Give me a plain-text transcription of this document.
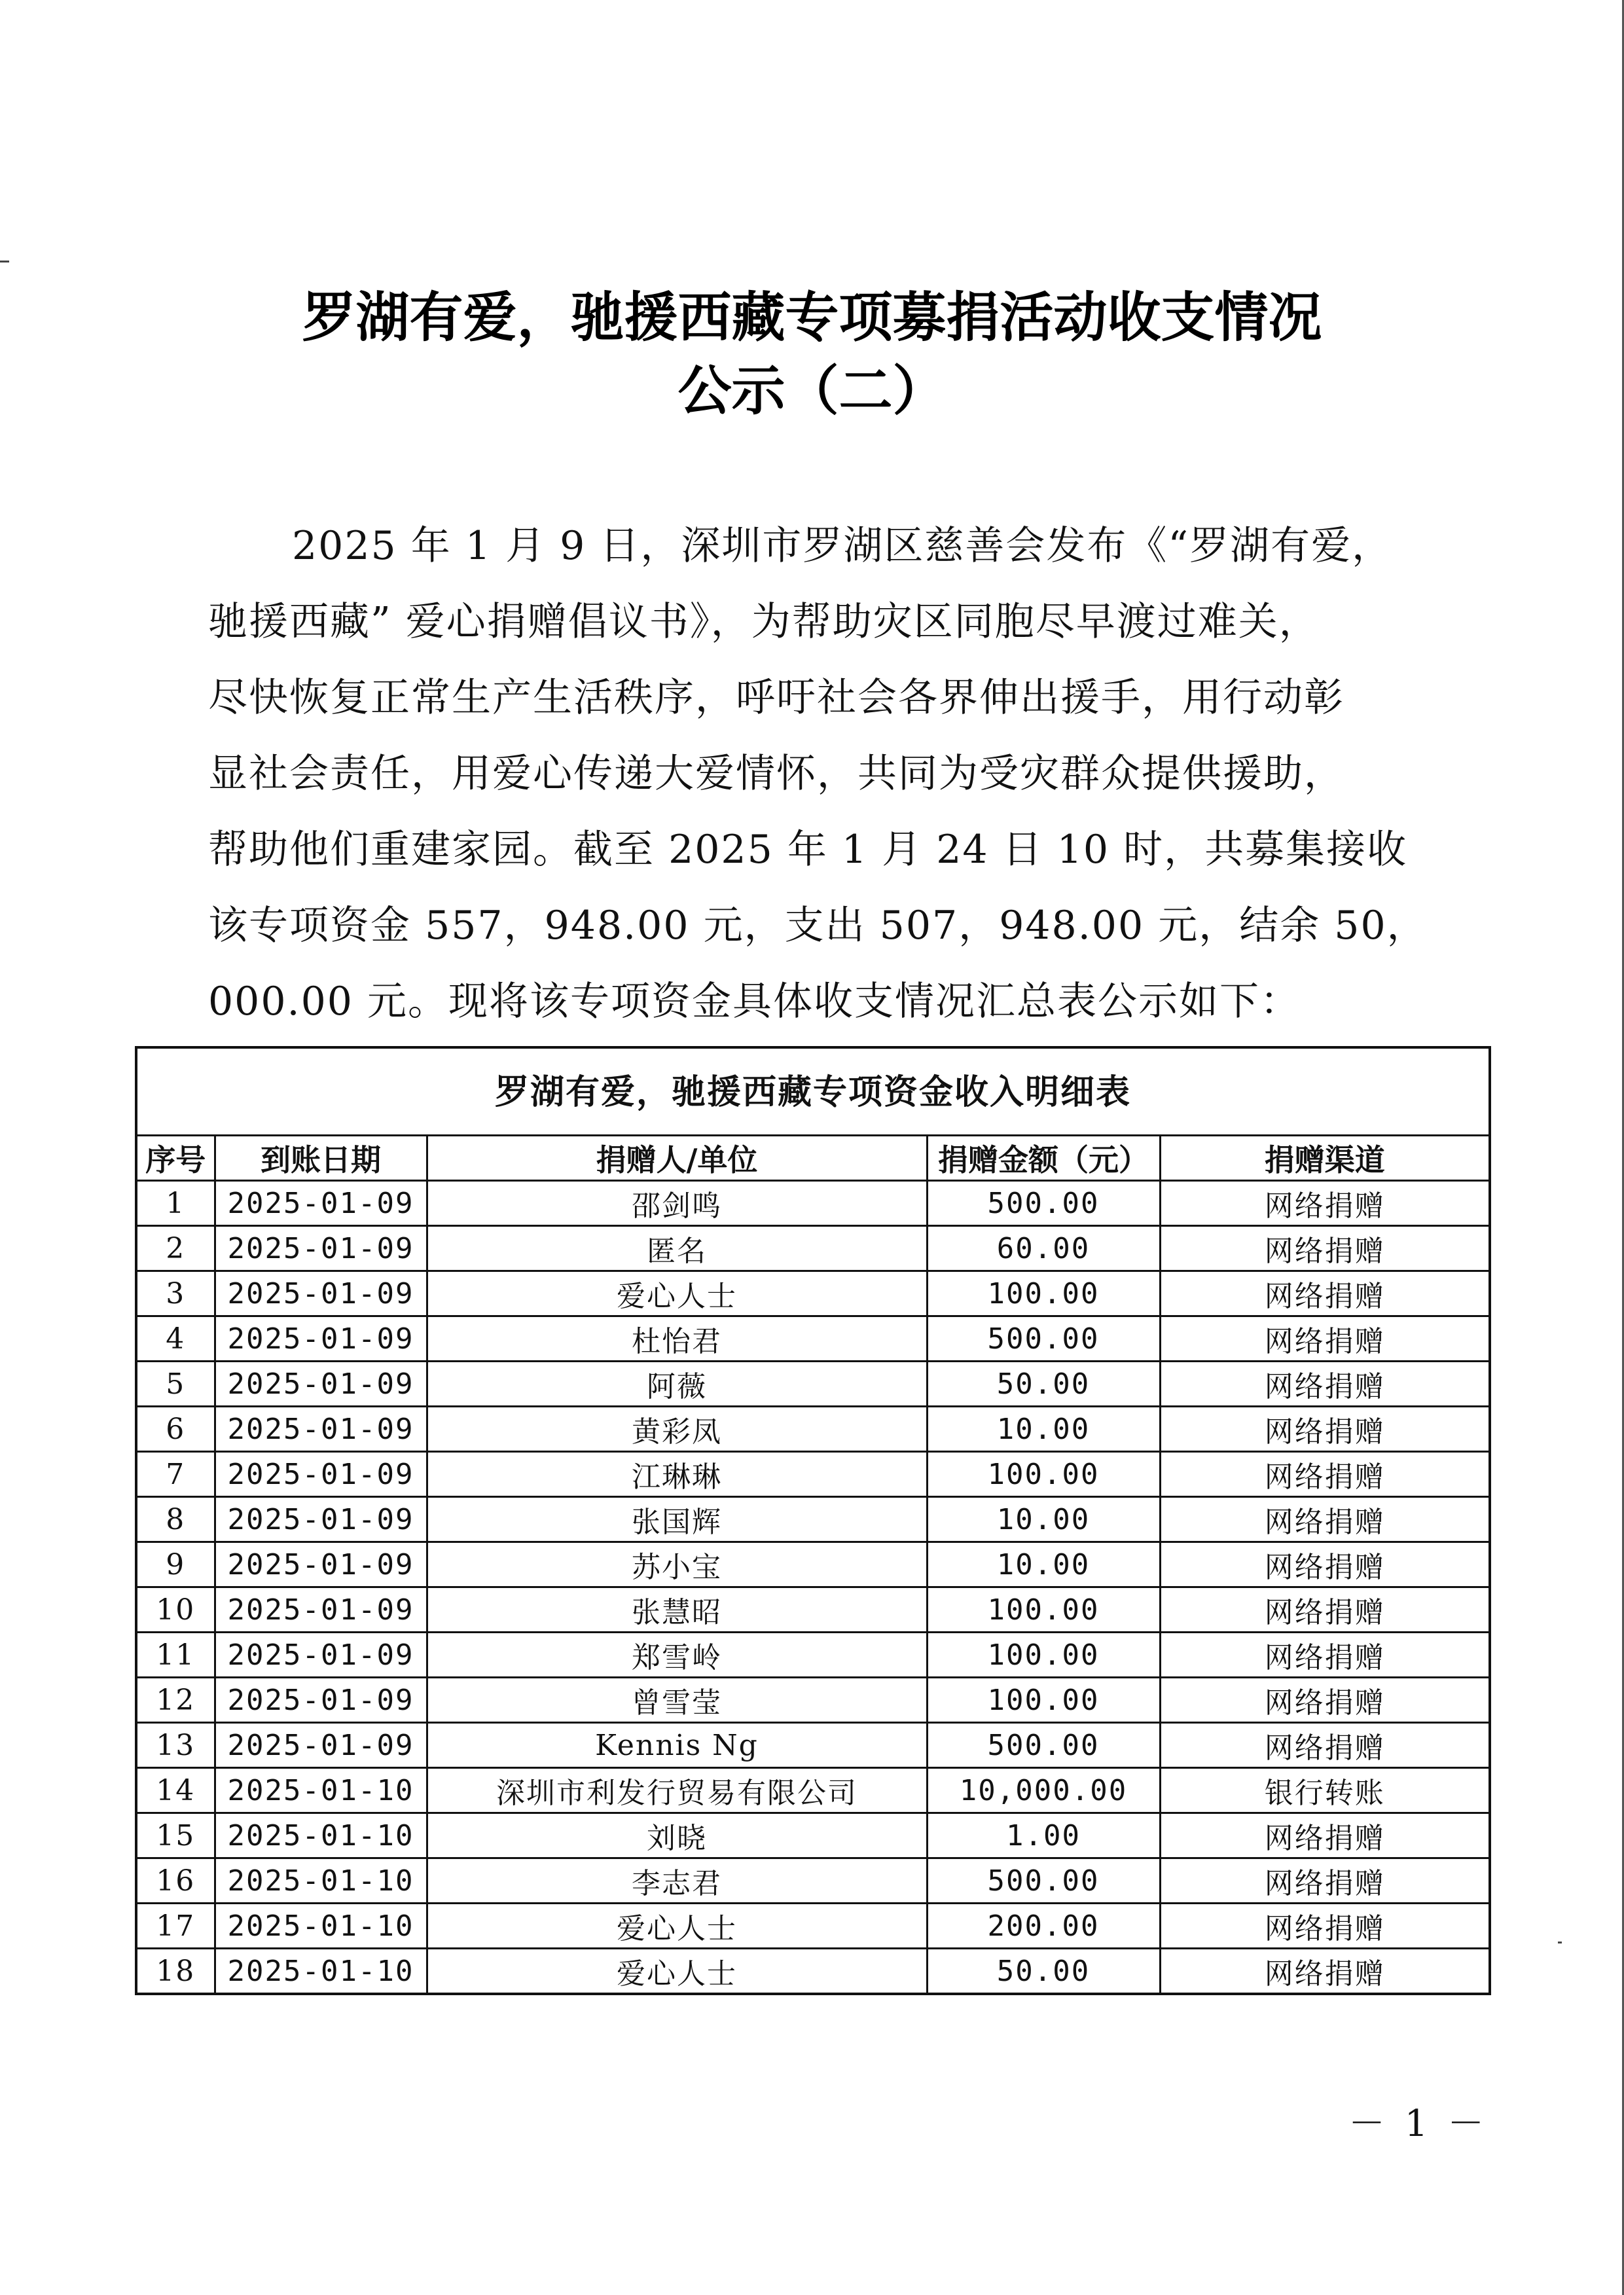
罗湖有爱，驰援西藏专项募捐活动收支情况
公示（二）
2025 年 1 月 9 日，深圳市罗湖区慈善会发布《“罗湖有爱，
驰援西藏” 爱心捐赠倡议书》，为帮助灾区同胞尽早渡过难关，
尽快恢复正常生产生活秩序，呼吁社会各界伸出援手，用行动彰
显社会责任，用爱心传递大爱情怀，共同为受灾群众提供援助，
帮助他们重建家园。截至 2025 年 1 月 24 日 10 时，共募集接收
该专项资金 557，948.00 元，支出 507，948.00 元，结余 50，
000.00 元。现将该专项资金具体收支情况汇总表公示如下：
罗湖有爱，驰援西藏专项资金收入明细表
序号	到账日期	捐赠人/单位	捐赠金额（元）	捐赠渠道
1	2025-01-09	邵剑鸣	500.00	网络捐赠
2	2025-01-09	匿名	60.00	网络捐赠
3	2025-01-09	爱心人士	100.00	网络捐赠
4	2025-01-09	杜怡君	500.00	网络捐赠
5	2025-01-09	阿薇	50.00	网络捐赠
6	2025-01-09	黄彩凤	10.00	网络捐赠
7	2025-01-09	江琳琳	100.00	网络捐赠
8	2025-01-09	张国辉	10.00	网络捐赠
9	2025-01-09	苏小宝	10.00	网络捐赠
10	2025-01-09	张慧昭	100.00	网络捐赠
11	2025-01-09	郑雪岭	100.00	网络捐赠
12	2025-01-09	曾雪莹	100.00	网络捐赠
13	2025-01-09	Kennis Ng	500.00	网络捐赠
14	2025-01-10	深圳市利发行贸易有限公司	10,000.00	银行转账
15	2025-01-10	刘晓	1.00	网络捐赠
16	2025-01-10	李志君	500.00	网络捐赠
17	2025-01-10	爱心人士	200.00	网络捐赠
18	2025-01-10	爱心人士	50.00	网络捐赠
－ 1 －
